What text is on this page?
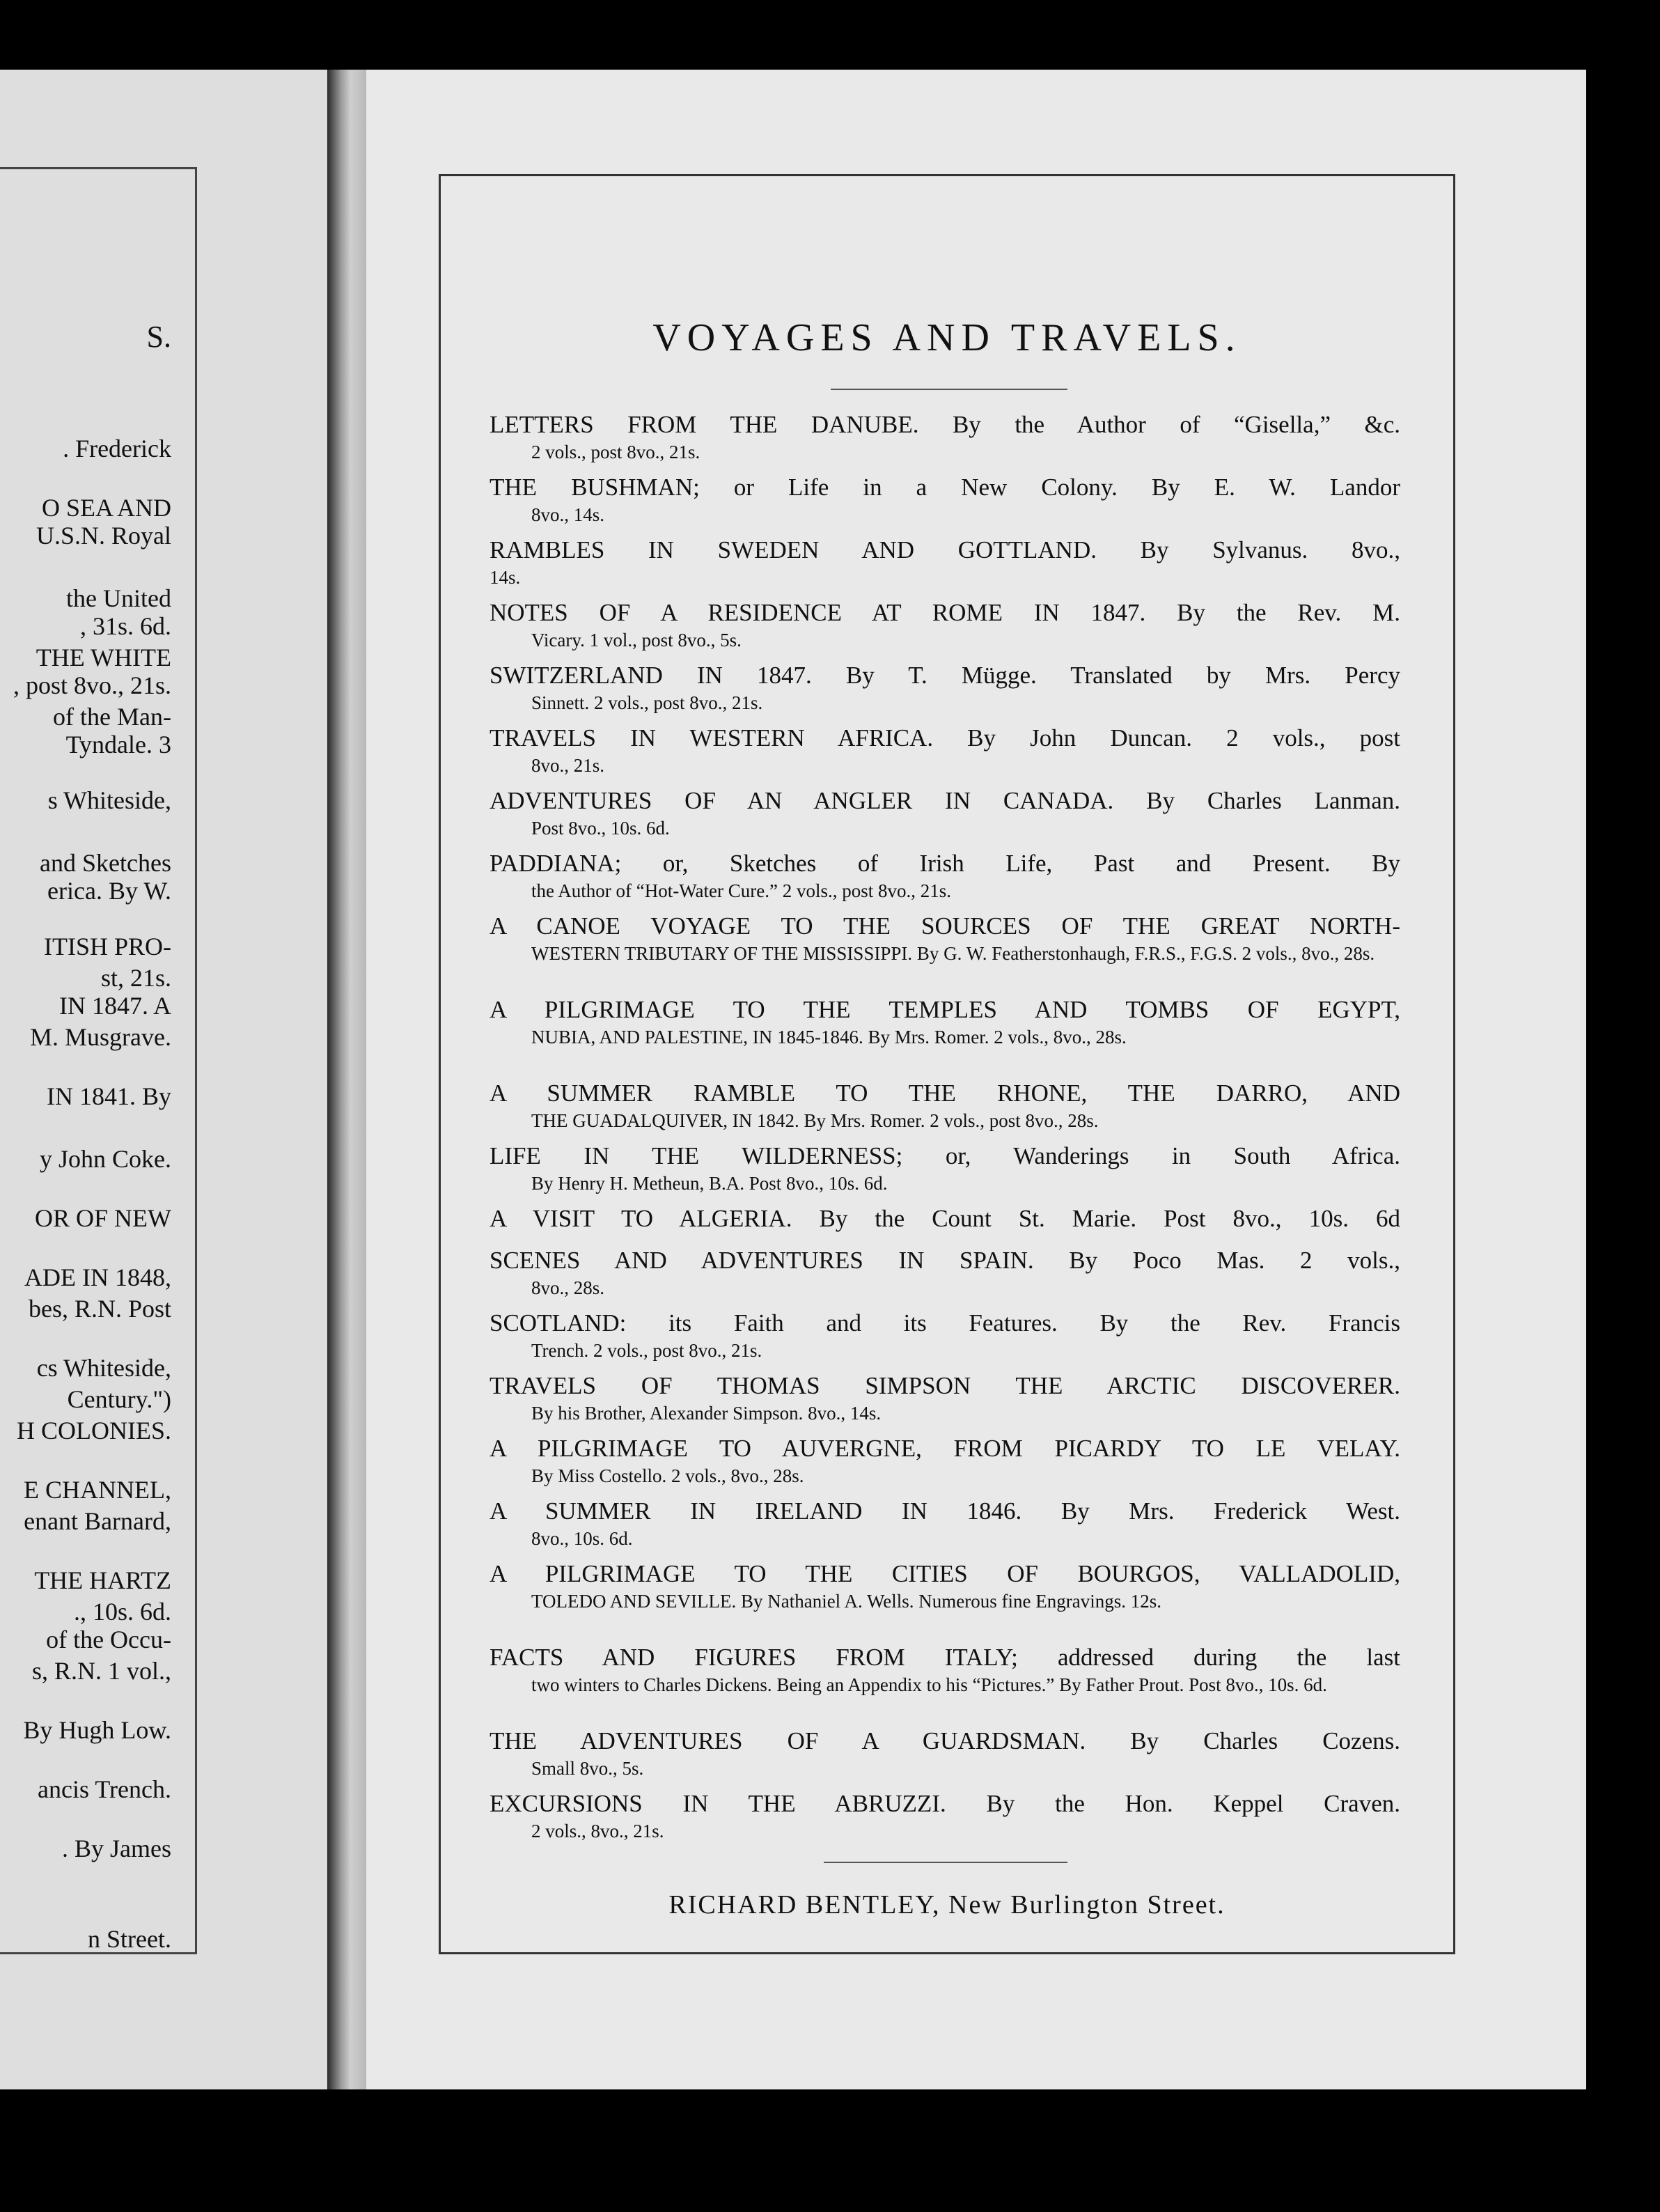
S.
. Frederick
O SEA AND
U.S.N. Royal
the United
, 31s. 6d.
THE WHITE
, post 8vo., 21s.
of the Man-
Tyndale. 3
s Whiteside,
and Sketches
erica. By W.
ITISH PRO-
st, 21s.
IN 1847. A
M. Musgrave.
IN 1841. By
y John Coke.
OR OF NEW
ADE IN 1848,
bes, R.N. Post
cs Whiteside,
Century.")
H COLONIES.
E CHANNEL,
enant Barnard,
THE HARTZ
., 10s. 6d.
of the Occu-
s, R.N. 1 vol.,
By Hugh Low.
ancis Trench.
. By James
n Street.
VOYAGES AND TRAVELS.
LETTERS FROM THE DANUBE. By the Author of “Gisella,” &c.
2 vols., post 8vo., 21s.
THE BUSHMAN; or Life in a New Colony. By E. W. Landor
8vo., 14s.
RAMBLES IN SWEDEN AND GOTTLAND. By Sylvanus. 8vo.,
14s.
NOTES OF A RESIDENCE AT ROME IN 1847. By the Rev. M.
Vicary. 1 vol., post 8vo., 5s.
SWITZERLAND IN 1847. By T. Mügge. Translated by Mrs. Percy
Sinnett. 2 vols., post 8vo., 21s.
TRAVELS IN WESTERN AFRICA. By John Duncan. 2 vols., post
8vo., 21s.
ADVENTURES OF AN ANGLER IN CANADA. By Charles Lanman.
Post 8vo., 10s. 6d.
PADDIANA; or, Sketches of Irish Life, Past and Present. By
the Author of “Hot-Water Cure.” 2 vols., post 8vo., 21s.
A CANOE VOYAGE TO THE SOURCES OF THE GREAT NORTH-
WESTERN TRIBUTARY OF THE MISSISSIPPI. By G. W. Featherstonhaugh, F.R.S., F.G.S. 2 vols., 8vo., 28s.
A PILGRIMAGE TO THE TEMPLES AND TOMBS OF EGYPT,
NUBIA, AND PALESTINE, IN 1845-1846. By Mrs. Romer. 2 vols., 8vo., 28s.
A SUMMER RAMBLE TO THE RHONE, THE DARRO, AND
THE GUADALQUIVER, IN 1842. By Mrs. Romer. 2 vols., post 8vo., 28s.
LIFE IN THE WILDERNESS; or, Wanderings in South Africa.
By Henry H. Metheun, B.A. Post 8vo., 10s. 6d.
A VISIT TO ALGERIA. By the Count St. Marie. Post 8vo., 10s. 6d
SCENES AND ADVENTURES IN SPAIN. By Poco Mas. 2 vols.,
8vo., 28s.
SCOTLAND: its Faith and its Features. By the Rev. Francis
Trench. 2 vols., post 8vo., 21s.
TRAVELS OF THOMAS SIMPSON THE ARCTIC DISCOVERER.
By his Brother, Alexander Simpson. 8vo., 14s.
A PILGRIMAGE TO AUVERGNE, FROM PICARDY TO LE VELAY.
By Miss Costello. 2 vols., 8vo., 28s.
A SUMMER IN IRELAND IN 1846. By Mrs. Frederick West.
8vo., 10s. 6d.
A PILGRIMAGE TO THE CITIES OF BOURGOS, VALLADOLID,
TOLEDO AND SEVILLE. By Nathaniel A. Wells. Numerous fine Engravings. 12s.
FACTS AND FIGURES FROM ITALY; addressed during the last
two winters to Charles Dickens. Being an Appendix to his “Pictures.” By Father Prout. Post 8vo., 10s. 6d.
THE ADVENTURES OF A GUARDSMAN. By Charles Cozens.
Small 8vo., 5s.
EXCURSIONS IN THE ABRUZZI. By the Hon. Keppel Craven.
2 vols., 8vo., 21s.
RICHARD BENTLEY, New Burlington Street.
